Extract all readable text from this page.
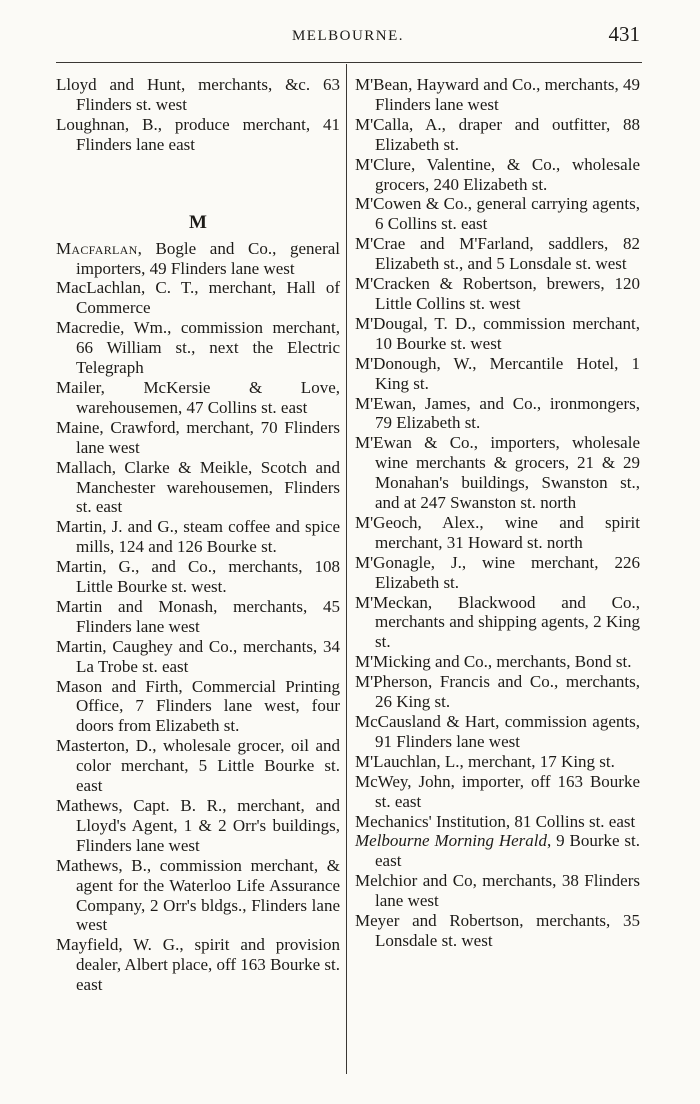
MELBOURNE.	431

Lloyd and Hunt, merchants, &c. 63 Flinders st. west

Loughnan, B., produce merchant, 41 Flinders lane east

M

Macfarlan, Bogle and Co., general importers, 49 Flinders lane west

MacLachlan, C. T., merchant, Hall of Commerce

Macredie, Wm., commission merchant, 66 William st., next the Electric Telegraph

Mailer, McKersie & Love, warehousemen, 47 Collins st. east

Maine, Crawford, merchant, 70 Flinders lane west

Mallach, Clarke & Meikle, Scotch and Manchester warehousemen, Flinders st. east

Martin, J. and G., steam coffee and spice mills, 124 and 126 Bourke st.

Martin, G., and Co., merchants, 108 Little Bourke st. west.

Martin and Monash, merchants, 45 Flinders lane west

Martin, Caughey and Co., merchants, 34 La Trobe st. east

Mason and Firth, Commercial Printing Office, 7 Flinders lane west, four doors from Elizabeth st.

Masterton, D., wholesale grocer, oil and color merchant, 5 Little Bourke st. east

Mathews, Capt. B. R., merchant, and Lloyd's Agent, 1 & 2 Orr's buildings, Flinders lane west

Mathews, B., commission merchant, & agent for the Waterloo Life Assurance Company, 2 Orr's bldgs., Flinders lane west

Mayfield, W. G., spirit and provision dealer, Albert place, off 163 Bourke st. east

M'Bean, Hayward and Co., merchants, 49 Flinders lane west

M'Calla, A., draper and outfitter, 88 Elizabeth st.

M'Clure, Valentine, & Co., wholesale grocers, 240 Elizabeth st.

M'Cowen & Co., general carrying agents, 6 Collins st. east

M'Crae and M'Farland, saddlers, 82 Elizabeth st., and 5 Lonsdale st. west

M'Cracken & Robertson, brewers, 120 Little Collins st. west

M'Dougal, T. D., commission merchant, 10 Bourke st. west

M'Donough, W., Mercantile Hotel, 1 King st.

M'Ewan, James, and Co., ironmongers, 79 Elizabeth st.

M'Ewan & Co., importers, wholesale wine merchants & grocers, 21 & 29 Monahan's buildings, Swanston st., and at 247 Swanston st. north

M'Geoch, Alex., wine and spirit merchant, 31 Howard st. north

M'Gonagle, J., wine merchant, 226 Elizabeth st.

M'Meckan, Blackwood and Co., merchants and shipping agents, 2 King st.

M'Micking and Co., merchants, Bond st.

M'Pherson, Francis and Co., merchants, 26 King st.

McCausland & Hart, commission agents, 91 Flinders lane west

M'Lauchlan, L., merchant, 17 King st.

McWey, John, importer, off 163 Bourke st. east

Mechanics' Institution, 81 Collins st. east

Melbourne Morning Herald, 9 Bourke st. east

Melchior and Co, merchants, 38 Flinders lane west

Meyer and Robertson, merchants, 35 Lonsdale st. west
